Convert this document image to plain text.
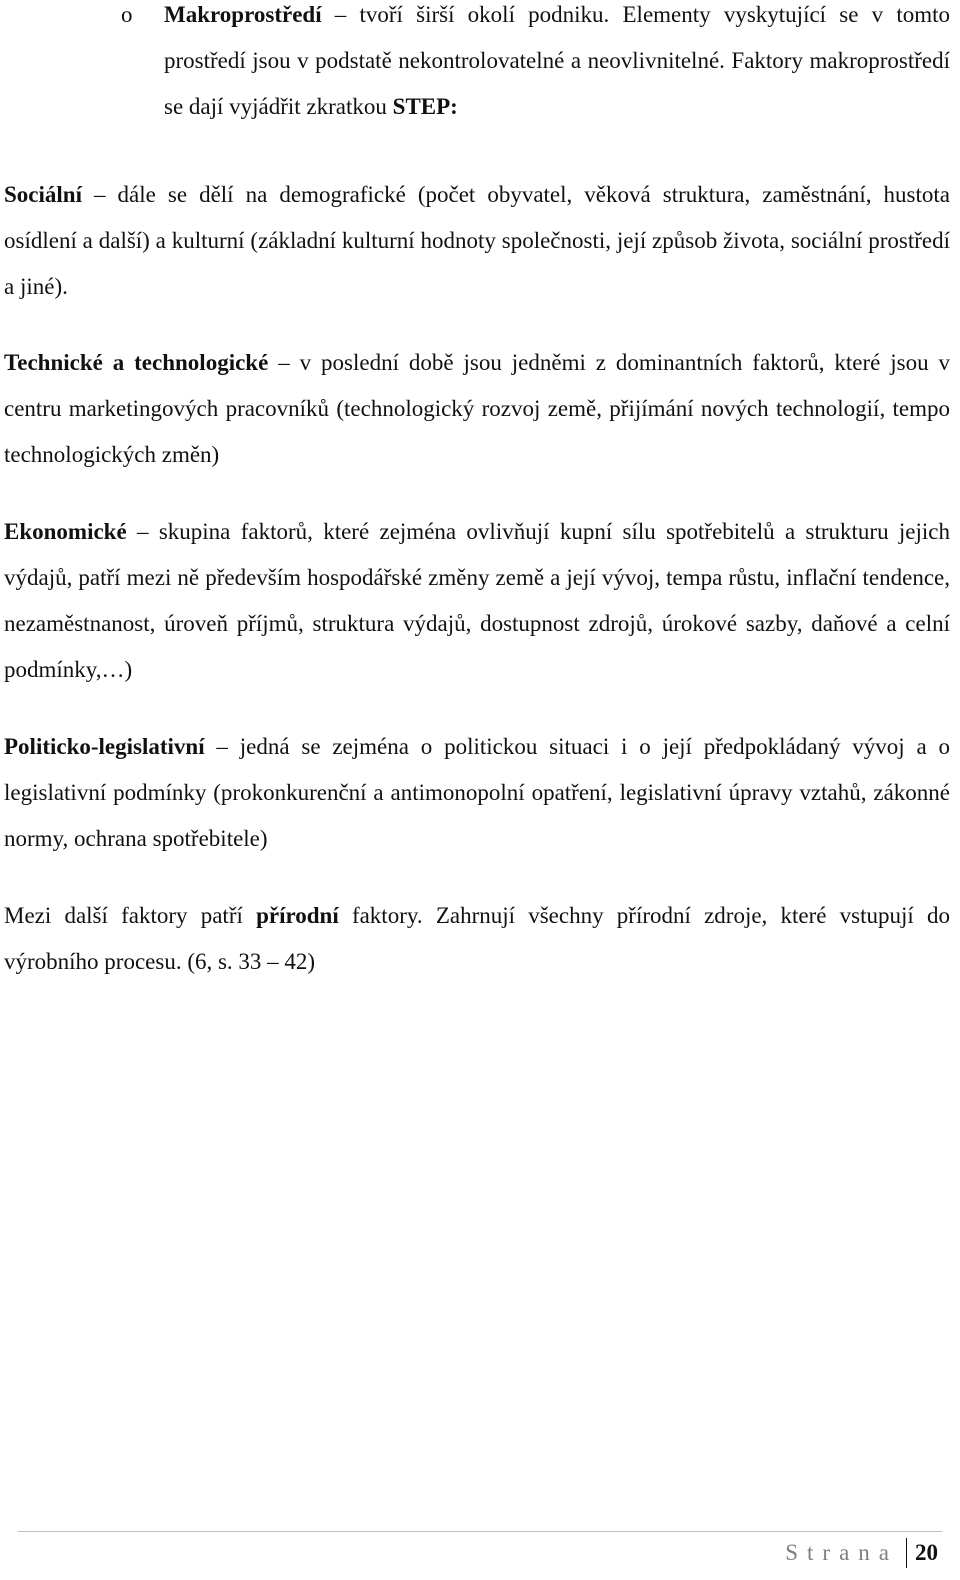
o Makroprostředí – tvoří širší okolí podniku. Elementy vyskytující se v tomto prostředí jsou v podstatě nekontrolovatelné a neovlivnitelné. Faktory makroprostředí se dají vyjádřit zkratkou STEP:

Sociální – dále se dělí na demografické (počet obyvatel, věková struktura, zaměstnání, hustota osídlení a další) a kulturní (základní kulturní hodnoty společnosti, její způsob života, sociální prostředí a jiné).

Technické a technologické – v poslední době jsou jedněmi z dominantních faktorů, které jsou v centru marketingových pracovníků (technologický rozvoj země, přijímání nových technologií, tempo technologických změn)

Ekonomické – skupina faktorů, které zejména ovlivňují kupní sílu spotřebitelů a strukturu jejich výdajů, patří mezi ně především hospodářské změny země a její vývoj, tempa růstu, inflační tendence, nezaměstnanost, úroveň příjmů, struktura výdajů, dostupnost zdrojů, úrokové sazby, daňové a celní podmínky,…)

Politicko-legislativní – jedná se zejména o politickou situaci i o její předpokládaný vývoj a o legislativní podmínky (prokonkurenční a antimonopolní opatření, legislativní úpravy vztahů, zákonné normy, ochrana spotřebitele)

Mezi další faktory patří přírodní faktory. Zahrnují všechny přírodní zdroje, které vstupují do výrobního procesu. (6, s. 33 – 42)

Strana 20
